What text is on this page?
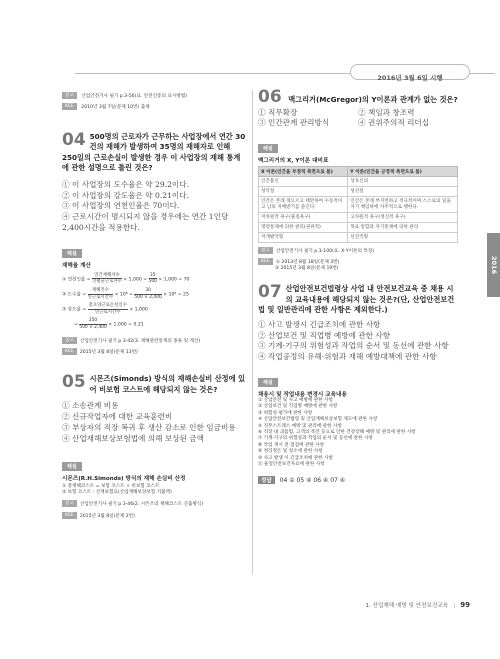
2016년 3월 6일 시행
2016
참고 산업안전기사 필기 p.3-56(표. 안전인증의 표시방법)
KEE 2010년 3월 7일(문제 10번) 출제
04 500명의 근로자가 근무하는 사업장에서 연간 30건의 재해가 발생하여 35명의 재해자로 인해 250일의 근로손실이 발생한 경우 이 사업장의 재해 통계에 관한 설명으로 틀린 것은?
① 이 사업장의 도수율은 약 29.2이다.
② 이 사업장의 강도율은 약 0.21이다.
③ 이 사업장의 연천인율은 70이다.
④ 근로시간이 명시되지 않을 경우에는 연간 1인당 2,400시간을 적용한다.
해설
재해율 계산
① 연천인율 = $\frac{\text{연간재해자수}}{\text{연평균근로자수}} \times 1,000 = \frac{35}{500} \times 1,000 = 70$
② 도수율 = $\frac{\text{재해건수}}{\text{연근로시간수}} \times 10^6 = \frac{30}{500 \times 2,400} \times 10^6 = 25$
③ 강도율 = $\frac{\text{총요양근로손실일수}}{\text{연근로시간수}} \times 1,000$
= $\frac{250}{500 \times 2,400} \times 1,000 = 0.21$
참고 산업안전기사 필기 p.3-42(3. 재해관련통계의 종류 및 계산)
KEE 2015년 3월 8일(문제 13번)
05 시몬즈(Simonds) 방식의 재해손실비 산정에 있어 비보험 코스트에 해당되지 않는 것은?
① 소송관계 비용
② 신규작업자에 대한 교육훈련비
③ 부상자의 직장 복귀 후 생산 감소로 인한 임금비용
④ 산업재해보상보험법에 의해 보상된 금액
해설
시몬즈(R.H.Simonds) 방식의 재해 손실비 산정
① 총재해코스트 = 보험 코스트 + 비보험 코스트
② 보험 코스트 : 산재보험료(산업재해보상보험 지불액)
참고 산업안전기사 필기 p.3-46(2. 시몬즈의 재해코스트 산출방식)
KEE 2015년 3월 8일(문제 2번)
06 맥그리거(McGregor)의 Y이론과 관계가 없는 것은?
① 직무확장	② 책임과 창조력
③ 인간관계 관리방식	④ 권위주의적 리더십
해설
맥그리거의 X, Y이론 대비표
X 이론(인간을 부정적 측면으로 봄)	Y 이론(인간을 긍정적 측면으로 봄)
인간불신	상호신뢰
성악설	성선설
인간은 본래 게으르고 태만하여 수동적이고 남의 지배받기를 즐긴다.	인간은 본래 부지런하고 적극적이며 스스로의 일을 자기 책임하에 자주적으로 행한다.
저차원적 욕구(물질욕구)	고차원적 욕구(정신적 욕구)
명령통제에 의한 관리(권위적)	목표 통합과 자기통제에 의한 관리
저개발국형	선진국형
참고 산업안전기사 필기 p.1-100(표. X·Y이론의 특징)
KEE ① 2013년 8월 18일(문제 3번)
② 2015년 3월 8일(문제 19번)
07 산업안전보건법령상 사업 내 안전보건교육 중 채용 시의 교육내용에 해당되지 않는 것은?(단, 산업안전보건법 및 일반관리에 관한 사항은 제외한다.)
① 사고 발생시 긴급조치에 관한 사항
② 산업보건 및 직업병 예방에 관한 사항
③ 기계·기구의 위험성과 작업의 순서 및 동선에 관한 사항
④ 작업공정의 유해·위험과 재해 예방대책에 관한 사항
해설
채용시 및 작업내용 변경시 교육내용
① 산업안전 및 사고 예방에 관한 사항
② 산업보건 및 직업병 예방에 관한 사항
③ 위험성 평가에 관한 사항
④ 산업안전보건법령 및 산업재해보상보험 제도에 관한 사항
⑤ 직무스트레스 예방 및 관리에 관한 사항
⑥ 직장 내 괴롭힘, 고객의 폭언 등으로 인한 건강장해 예방 및 관리에 관한 사항
⑦ 기계·기구의 위험성과 작업의 순서 및 동선에 관한 사항
⑧ 작업 개시 전 점검에 관한 사항
⑨ 정리정돈 및 청소에 관한 사항
⑩ 사고 발생 시 긴급조치에 관한 사항
⑪ 물질안전보건자료에 관한 사항
정답 04 ① 05 ④ 06 ④ 07 ④
1. 산업재해 예방 및 안전보건교육 | 99
